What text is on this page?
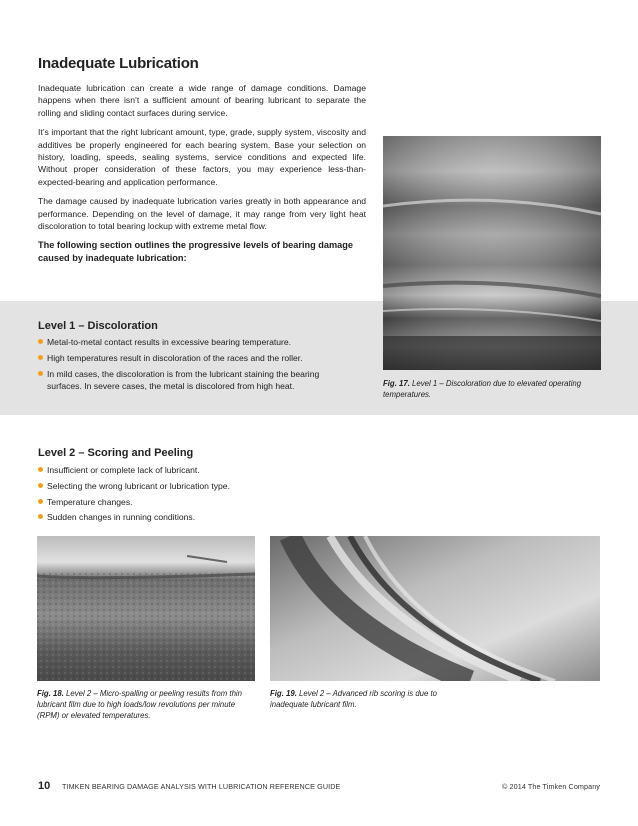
Inadequate Lubrication

Inadequate lubrication can create a wide range of damage conditions. Damage happens when there isn’t a sufficient amount of bearing lubricant to separate the rolling and sliding contact surfaces during service.

It’s important that the right lubricant amount, type, grade, supply system, viscosity and additives be properly engineered for each bearing system. Base your selection on history, loading, speeds, sealing systems, service conditions and expected life. Without proper consideration of these factors, you may experience less-than-expected-bearing and application performance.

The damage caused by inadequate lubrication varies greatly in both appearance and performance. Depending on the level of damage, it may range from very light heat discoloration to total bearing lockup with extreme metal flow.

The following section outlines the progressive levels of bearing damage caused by inadequate lubrication:

Level 1 – Discoloration
Metal-to-metal contact results in excessive bearing temperature.
High temperatures result in discoloration of the races and the roller.
In mild cases, the discoloration is from the lubricant staining the bearing surfaces. In severe cases, the metal is discolored from high heat.	Fig. 17. Level 1 – Discoloration due to elevated operating temperatures.
Level 2 – Scoring and Peeling
Insufficient or complete lack of lubricant.
Selecting the wrong lubricant or lubrication type.
Temperature changes.
Sudden changes in running conditions.
Fig. 18. Level 2 – Micro-spalling or peeling results from thin lubricant film due to high loads/low revolutions per minute (RPM) or elevated temperatures.
Fig. 19. Level 2 – Advanced rib scoring is due to inadequate lubricant film.
10 TIMKEN BEARING DAMAGE ANALYSIS WITH LUBRICATION REFERENCE GUIDE	© 2014 The Timken Company
